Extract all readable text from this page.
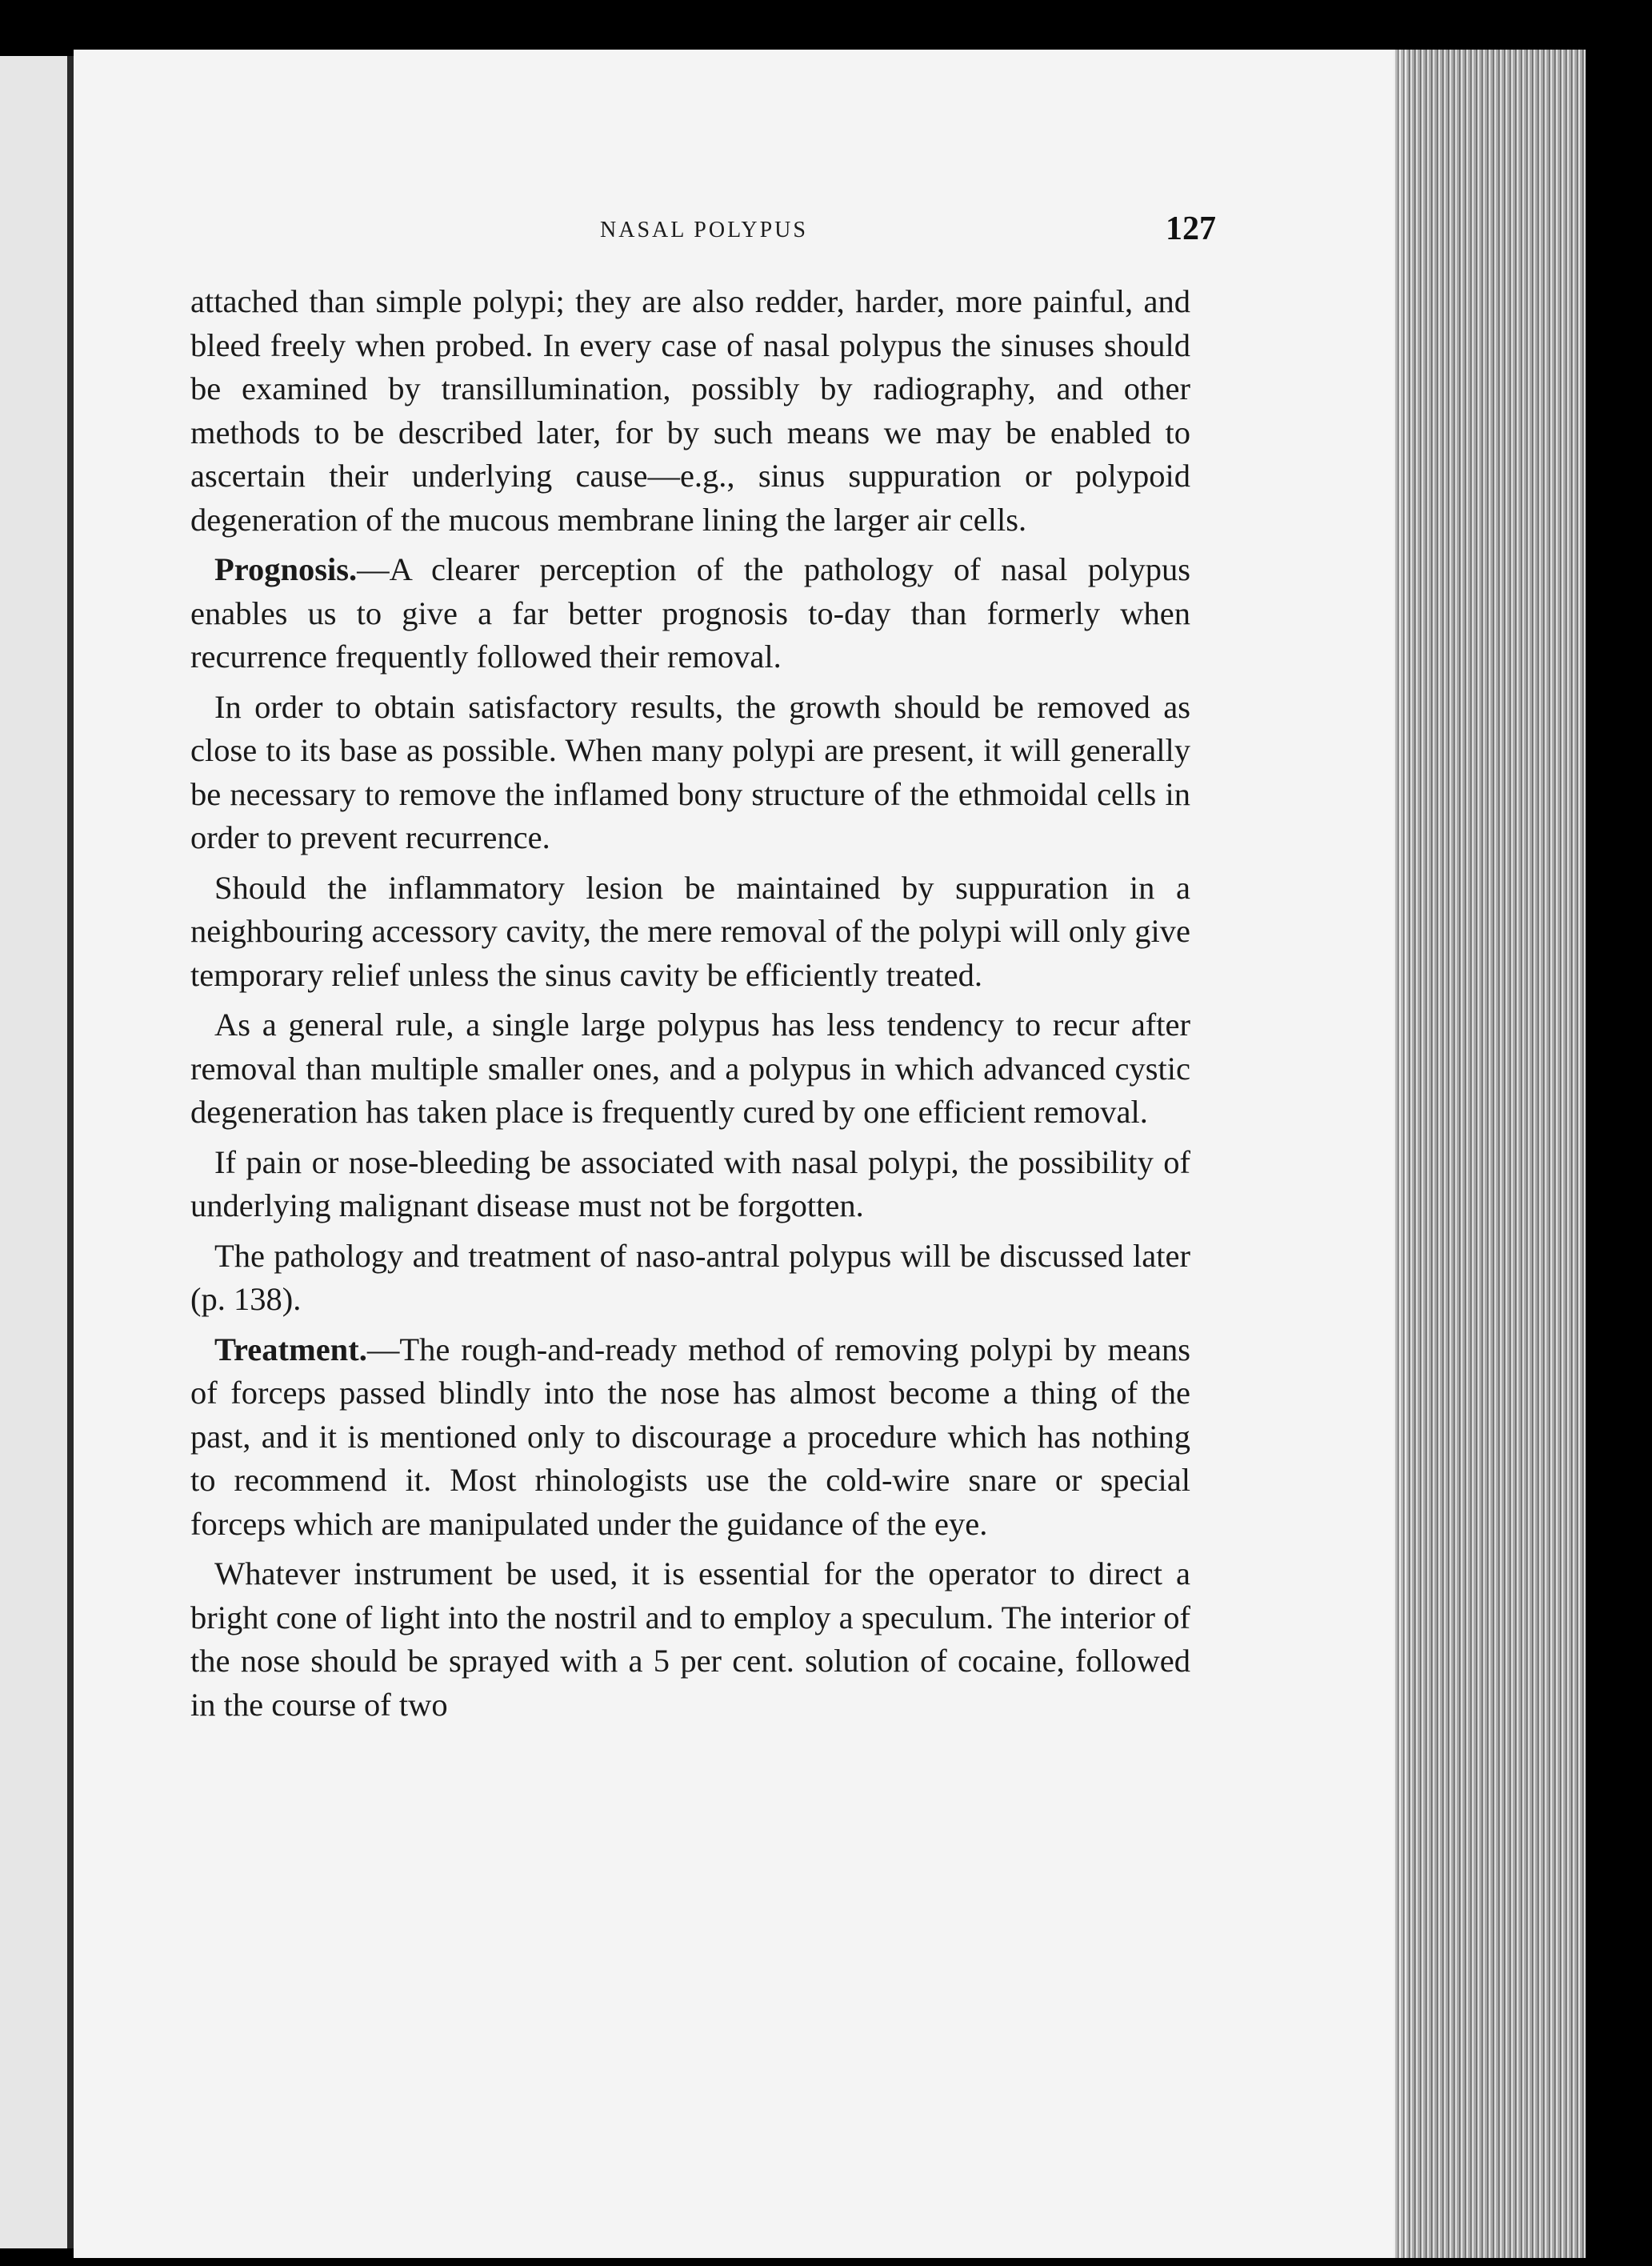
NASAL POLYPUS	127

attached than simple polypi; they are also redder, harder, more painful, and bleed freely when probed. In every case of nasal polypus the sinuses should be examined by transillumination, possibly by radiography, and other methods to be described later, for by such means we may be enabled to ascertain their underlying cause—e.g., sinus suppuration or polypoid degeneration of the mucous membrane lining the larger air cells.

Prognosis.—A clearer perception of the pathology of nasal polypus enables us to give a far better prognosis to-day than formerly when recurrence frequently followed their removal.

In order to obtain satisfactory results, the growth should be removed as close to its base as possible. When many polypi are present, it will generally be necessary to remove the inflamed bony structure of the ethmoidal cells in order to prevent recurrence.

Should the inflammatory lesion be maintained by suppuration in a neighbouring accessory cavity, the mere removal of the polypi will only give temporary relief unless the sinus cavity be efficiently treated.

As a general rule, a single large polypus has less tendency to recur after removal than multiple smaller ones, and a polypus in which advanced cystic degeneration has taken place is frequently cured by one efficient removal.

If pain or nose-bleeding be associated with nasal polypi, the possibility of underlying malignant disease must not be forgotten.

The pathology and treatment of naso-antral polypus will be discussed later (p. 138).

Treatment.—The rough-and-ready method of removing polypi by means of forceps passed blindly into the nose has almost become a thing of the past, and it is mentioned only to discourage a procedure which has nothing to recommend it. Most rhinologists use the cold-wire snare or special forceps which are manipulated under the guidance of the eye.

Whatever instrument be used, it is essential for the operator to direct a bright cone of light into the nostril and to employ a speculum. The interior of the nose should be sprayed with a 5 per cent. solution of cocaine, followed in the course of two
